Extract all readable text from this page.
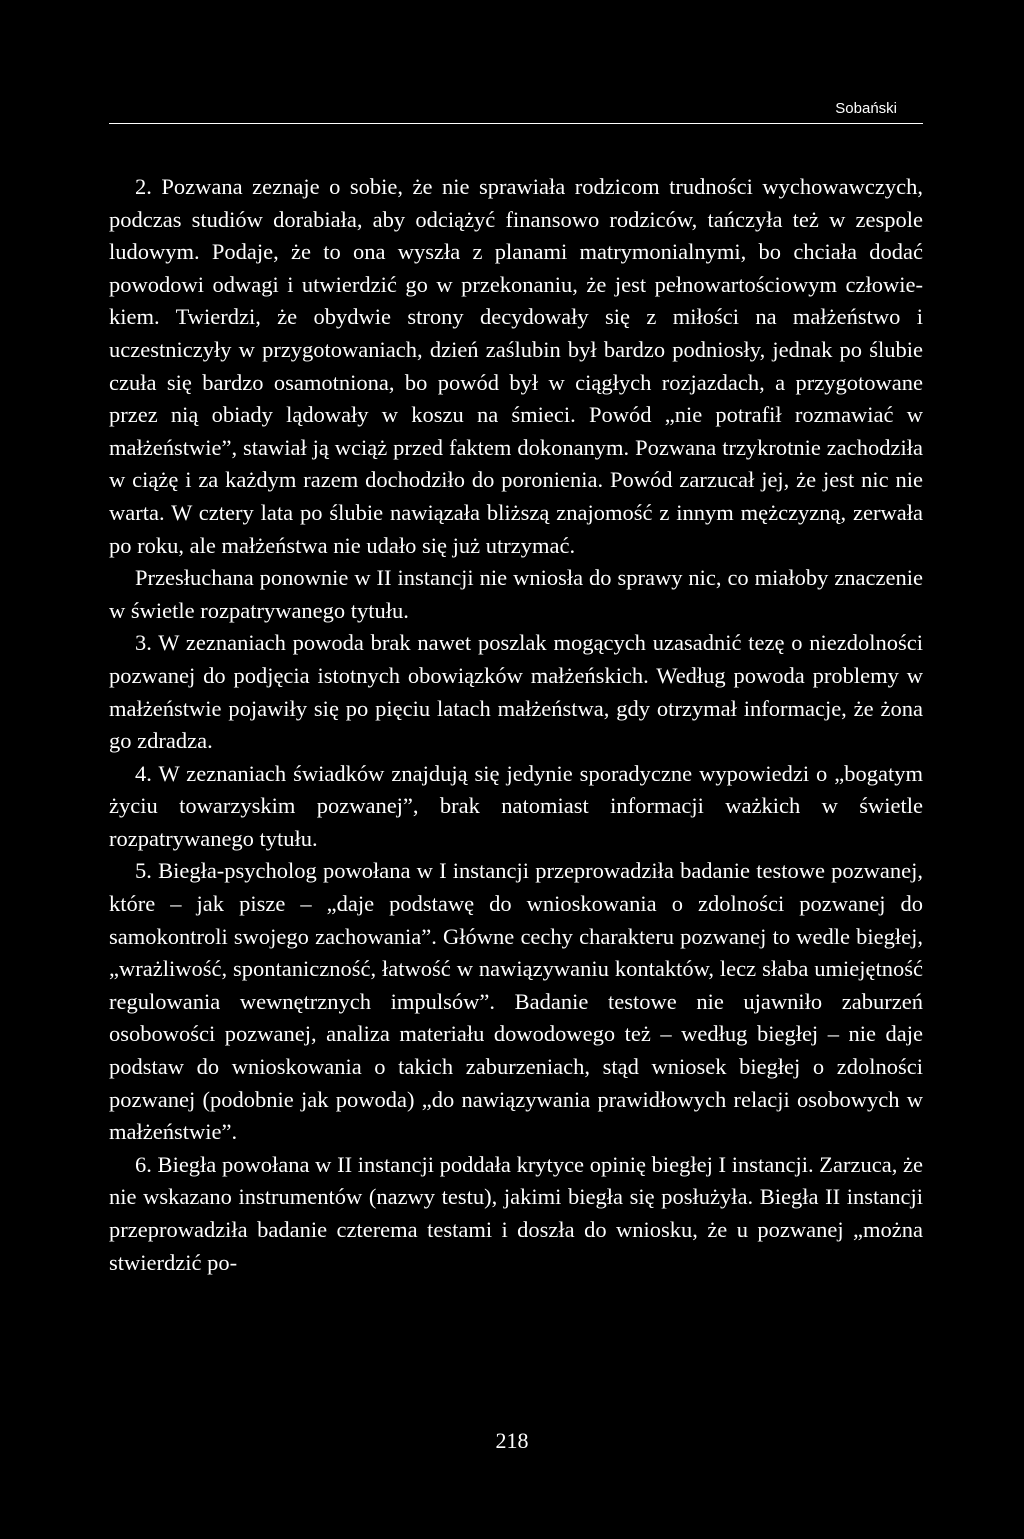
Sobański

2. Pozwana zeznaje o sobie, że nie sprawiała rodzicom trudności wychowawczych, podczas studiów dorabiała, aby odciążyć finansowo rodziców, tańczyła też w zespole ludowym. Podaje, że to ona wyszła z planami matrymonialnymi, bo chciała dodać powodowi odwagi i utwierdzić go w przekonaniu, że jest pełnowartościowym człowiekiem. Twierdzi, że obydwie strony decydowały się z miłości na małżeństwo i uczestniczyły w przygotowaniach, dzień zaślubin był bardzo podniosły, jednak po ślubie czuła się bardzo osamotniona, bo powód był w ciągłych rozjazdach, a przygotowane przez nią obiady lądowały w koszu na śmieci. Powód „nie potrafił rozmawiać w małżeństwie”, stawiał ją wciąż przed faktem dokonanym. Pozwana trzykrotnie zachodziła w ciążę i za każdym razem dochodziło do poronienia. Powód zarzucał jej, że jest nic nie warta. W cztery lata po ślubie nawiązała bliższą znajomość z innym mężczyzną, zerwała po roku, ale małżeństwa nie udało się już utrzymać.

Przesłuchana ponownie w II instancji nie wniosła do sprawy nic, co miałoby znaczenie w świetle rozpatrywanego tytułu.

3. W zeznaniach powoda brak nawet poszlak mogących uzasadnić tezę o niezdolności pozwanej do podjęcia istotnych obowiązków małżeńskich. Według powoda problemy w małżeństwie pojawiły się po pięciu latach małżeństwa, gdy otrzymał informacje, że żona go zdradza.

4. W zeznaniach świadków znajdują się jedynie sporadyczne wypowiedzi o „bogatym życiu towarzyskim pozwanej”, brak natomiast informacji ważkich w świetle rozpatrywanego tytułu.

5. Biegła-psycholog powołana w I instancji przeprowadziła badanie testowe pozwanej, które – jak pisze – „daje podstawę do wnioskowania o zdolności pozwanej do samokontroli swojego zachowania”. Główne cechy charakteru pozwanej to wedle biegłej, „wrażliwość, spontaniczność, łatwość w nawiązywaniu kontaktów, lecz słaba umiejętność regulowania wewnętrznych impulsów”. Badanie testowe nie ujawniło zaburzeń osobowości pozwanej, analiza materiału dowodowego też – według biegłej – nie daje podstaw do wnioskowania o takich zaburzeniach, stąd wniosek biegłej o zdolności pozwanej (podobnie jak powoda) „do nawiązywania prawidłowych relacji osobowych w małżeństwie”.

6. Biegła powołana w II instancji poddała krytyce opinię biegłej I instancji. Zarzuca, że nie wskazano instrumentów (nazwy testu), jakimi biegła się posłużyła. Biegła II instancji przeprowadziła badanie czterema testami i doszła do wniosku, że u pozwanej „można stwierdzić po-

218
